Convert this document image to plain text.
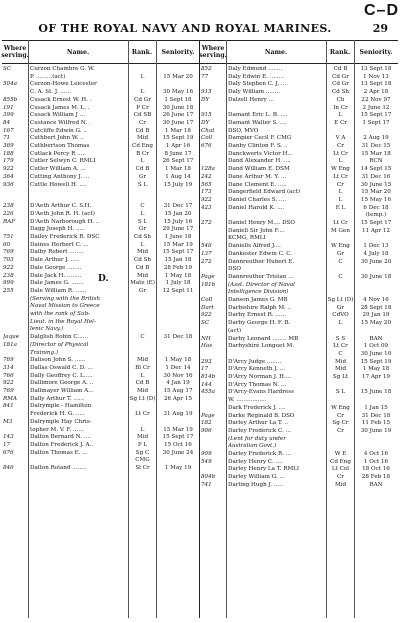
C–D
OF THE ROYAL NAVY AND ROYAL MARINES.	29
Where serving.	Name.	Rank.	Seniority.	Where serving.	Name.	Rank.	Seniority.
D.
SC	Curzon Chambre G. W.
P. .........(act)	L	15 Mar 20
504a	Curzon-Howe Leicester
C. A. St. J. ......	L	30 May 16
855b	Cusack Ernest W. H. .	Cd Gr	1 Sept 18
191	Cusack James M. L. .	P Cr	30 June 18
399	Cusack William J ...	Cd SB	26 June 17
84	Custance Wilfred N. .	Cr	30 June 17
167	Cutcliffe Edwin G. ..	Cd B	1 Mar 18
71	Cuthbert John W. ..	Mid	15 Sept 19
369	Cuthbertson Thomas	Cd Eng	1 Apr 16
188	Cutlack Percy R .....	B Cr	8 June 17
179	Cutler Selwyn C. RMLI	L	26 Sept 17
922	Cutler William A. ...	Cd B	1 Mar 18
364	Cutting Anthony J. ...	Gr	1 Aug 14
936	Cuttle Howell H. ....	S L	15 July 19
238	D'Aeth Arthur C. S.H.	C	31 Dec 17
226	D'Aeth John R. H. (act)	L	15 Jan 20
RAF	D'Aeth Narborough H. ..	S L	15 July 16
Dagg Joseph H. .....	Gr	29 June 17
751	Dailey Frederick R. DSC	Cd Sh	1 June 18
60	Daines Herbert C. ...	L	15 Mar 19
769	Dalby Robert ........	Mid	15 Sept 17
703	Dale Arthur J. .....	Cd Sh	15 Jan 18
922	Dale George ........	Cd B	28 Feb 19
238	Dale Jack H. ........	Mid	1 May 18
999	Dale James G. .......	Mate (E)	1 July 18
255	Dale William R. ......	Gr	12 Sept 11
(Serving with the British
Naval Mission to Greece
with the rank of Sub-
Lieut. in the Royal Hel-
lenic Navy.)
Jaque	Dalglish Robin C......	C	31 Dec 18
181a	(Director of Physical
Training.)
769	Dalison John S. ......	Mid	1 May 18
314	Dallas Oswald C. D. ...	Bl Cr	1 Dec 14
766	Dally Geoffrey C. L.....	L	30 Nov 16
922	Dallimore George A. ..	Cd B	4 Jan 19
769	Dallmayer William A...	Mid	15 Aug 17
RMA	Dally Arthur T. ......	Sg Lt (D)	26 Apr 15
841	Dalrymple - Hamilton
Frederick H. G. .....	Lt Cr	31 Aug 19
M3	Dalrymple Hay Chris-
topher M. V. F. ......	L	15 Mar 19
143	Dalton Bernard N. ....	Mid	15 Sept 17
17	Dalton Frederick J. A..	P L	15 Oct 16
676	Dalton Thomas E. ...	Sg C	30 June 24
CMG
846	Dalton Roland ........	Sl Cr	1 May 19
852	Daly Edmund ........	Cd B	13 Sept 18
77	Daly Edwin E. ........	Cd Gr	1 Nov 13
Daly Stephen C. J. ....	Cd Gr	13 Sept 18
915	Daly William ........	Cd Sh	2 Apr 18
DY	Dalzell Henry ...	Ch	22 Nov 97
In Cr	2 June 12
915	Damant Eric L. B. ....	L	15 Sept 17
DY	Damant Walter S. ....	E Cr	1 Sept 17
Chat	DSO, MVO
Coll	Dampier Cecil F. CMG	V A	2 Aug 19
676	Danby Clinton F. S. ..	Cr	31 Dec 15
Danckwerts Victor H...	Lt Cr	15 Mar 18
Dand Alexander H. ....	L	RCN
128a	Dand William E. DSM	W Eng	14 Sept 15
242	Dane Arthur M. Y. ...	Lt Cr	31 Dec 16
565	Dane Clement E. .....	Cr	30 June 15
173	Dangerfield Edward (act)	L	15 Mar 20
922	Daniel Charles S. ....	L	15 May 16
423	Daniel Harold K. ....	E L	6 Dec 18
(temp.)
272	Daniel Henry M.... DSO	Lt Cr	15 Sept 17
Daniell Sir John F....	M Gen	11 Apr 12
KCMG, RMLI
546	Daniells Alfred J....	W Eng	1 Dec 13
137	Dankester Edwin C. C.	Gr	4 July 18
272	Dannreuther Hubert E.	C	30 June 20
DSO
Page	Dannreuther Tristan ...	C	30 June 18
181b	(Asst. Director of Naval
Intelligence Division)
Coll	Danson James G. MB	Sg Lt (D)	4 Nov 16
Dart	Darbishire Ralph M. ..	Gr	28 Sept 18
922	Darby Ernest R. ......	CdVO	29 Jan 19
SC	Darby George H. F. B.	L	15 May 20
(act)
NH	Darby Leonard ........ MB	S S	RAN
Has	Darbyshire Longuet M.	Lt Cr	1 Oct 09
C	30 June 10
293	D'Arcy Judge ........	Mid	15 Sept 19
17	D'Arcy Kenneth J. ...	Mid	1 May 18
814b	D'Arcy Norman J. H....	Sg Lt	17 Apr 19
144	D'Arcy Thomas N. ...
455a	D'Arcy-Evans Hardress	S L	15 June 18
W. .................
Dark Frederick J. ....	W Eng	1 Jan 15
Page	Darke Reginald B. DSO	Cr	31 Dec 18
182	Darley Arthur La T. ..	Sg Cr	11 Feb 15
906	Darley Frederick C. ...	Cr	30 June 19
(Lent for duty under
Australian Govt.)
909	Darley Frederick R. ...	W E	4 Oct 16
549	Darley Henry C. ....	Cd Eng	1 Oct 16
Darley Henry La T. RMLI	Lt Col	18 Oct 16
804b	Darley William G. ...	Cr	28 Feb 18
741	Darling Hugh J. .....	Mid	RAN
